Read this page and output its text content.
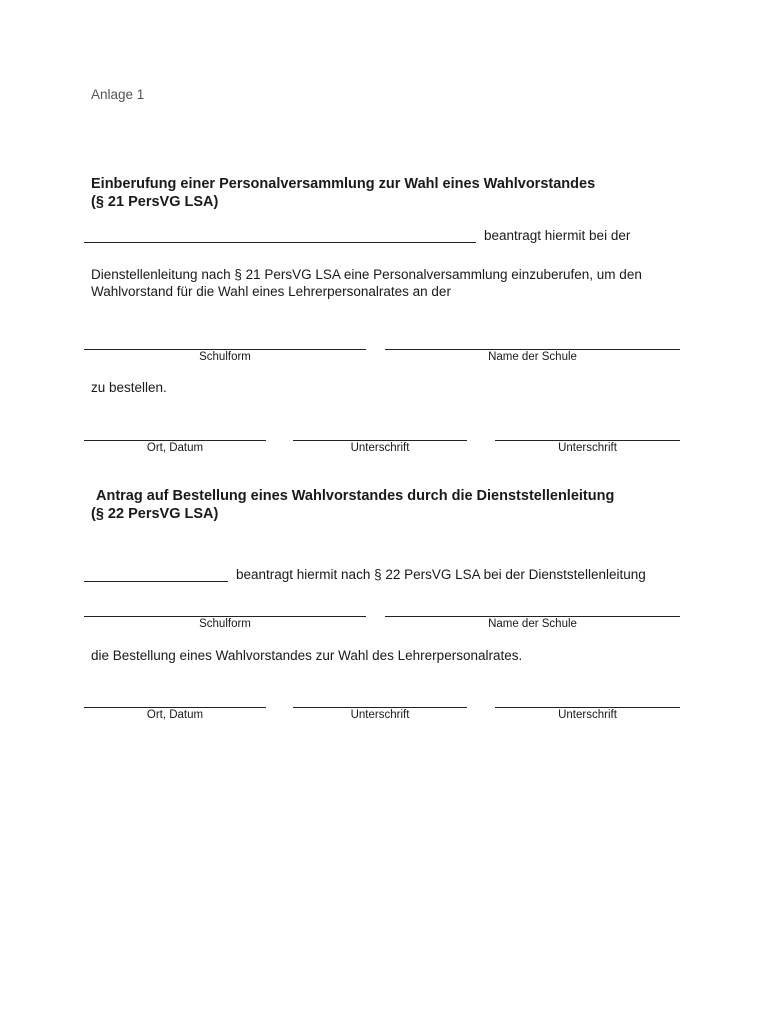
Anlage 1
Einberufung einer Personalversammlung zur Wahl eines Wahlvorstandes
(§ 21 PersVG LSA)
beantragt hiermit bei der
Dienstellenleitung nach § 21 PersVG LSA eine Personalversammlung einzuberufen, um den
Wahlvorstand für die Wahl eines Lehrerpersonalrates an der
Schulform	Name der Schule
zu bestellen.
Ort, Datum	Unterschrift	Unterschrift
Antrag auf Bestellung eines Wahlvorstandes durch die Dienststellenleitung
(§ 22 PersVG LSA)
beantragt hiermit nach § 22 PersVG LSA bei der Dienststellenleitung
Schulform	Name der Schule
die Bestellung eines Wahlvorstandes zur Wahl des Lehrerpersonalrates.
Ort, Datum	Unterschrift	Unterschrift
